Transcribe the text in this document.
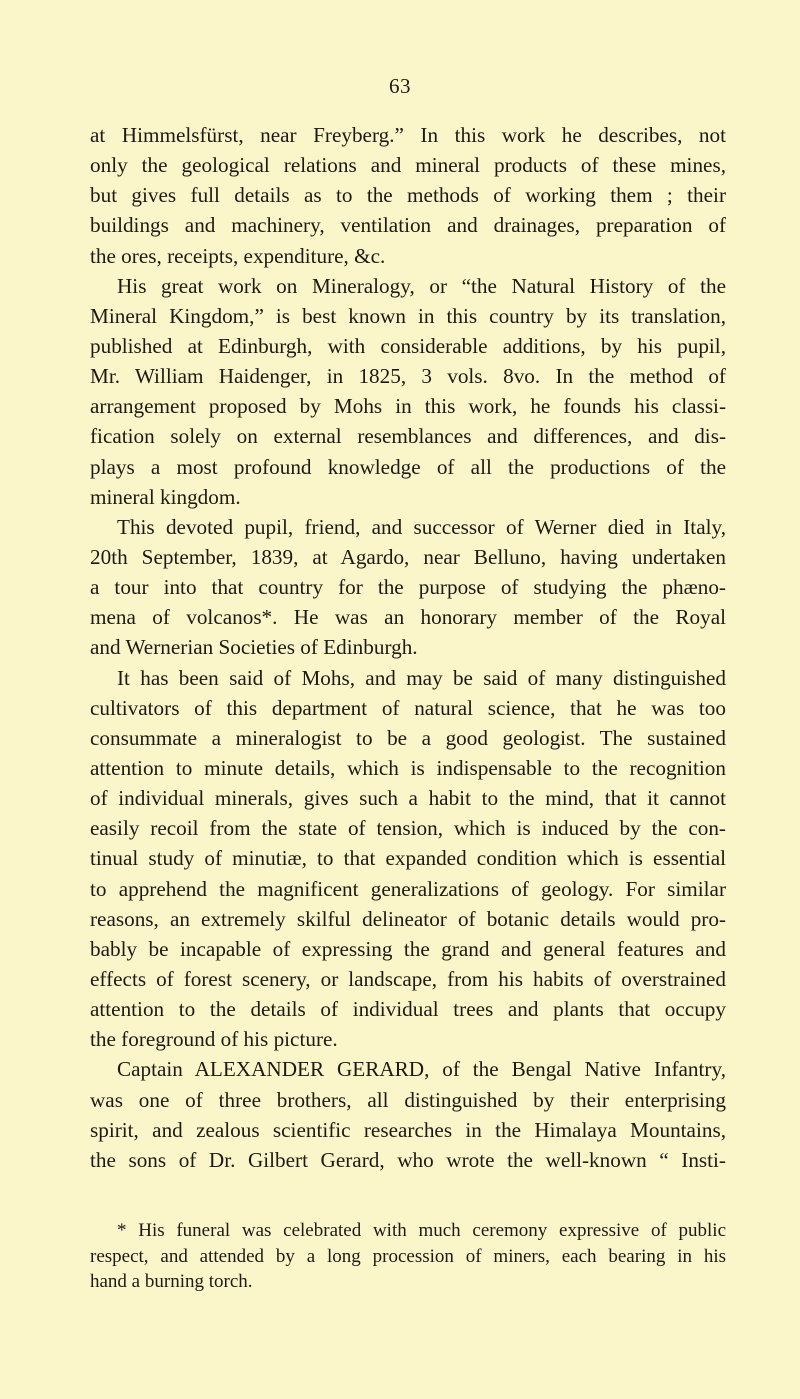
63
at Himmelsfürst, near Freyberg.” In this work he describes, not
only the geological relations and mineral products of these mines,
but gives full details as to the methods of working them ; their
buildings and machinery, ventilation and drainages, preparation of
the ores, receipts, expenditure, &c.
His great work on Mineralogy, or “the Natural History of the
Mineral Kingdom,” is best known in this country by its translation,
published at Edinburgh, with considerable additions, by his pupil,
Mr. William Haidenger, in 1825, 3 vols. 8vo. In the method of
arrangement proposed by Mohs in this work, he founds his classi-
fication solely on external resemblances and differences, and dis-
plays a most profound knowledge of all the productions of the
mineral kingdom.
This devoted pupil, friend, and successor of Werner died in Italy,
20th September, 1839, at Agardo, near Belluno, having undertaken
a tour into that country for the purpose of studying the phæno-
mena of volcanos*. He was an honorary member of the Royal
and Wernerian Societies of Edinburgh.
It has been said of Mohs, and may be said of many distinguished
cultivators of this department of natural science, that he was too
consummate a mineralogist to be a good geologist. The sustained
attention to minute details, which is indispensable to the recognition
of individual minerals, gives such a habit to the mind, that it cannot
easily recoil from the state of tension, which is induced by the con-
tinual study of minutiæ, to that expanded condition which is essential
to apprehend the magnificent generalizations of geology. For similar
reasons, an extremely skilful delineator of botanic details would pro-
bably be incapable of expressing the grand and general features and
effects of forest scenery, or landscape, from his habits of overstrained
attention to the details of individual trees and plants that occupy
the foreground of his picture.
Captain ALEXANDER GERARD, of the Bengal Native Infantry,
was one of three brothers, all distinguished by their enterprising
spirit, and zealous scientific researches in the Himalaya Mountains,
the sons of Dr. Gilbert Gerard, who wrote the well-known “ Insti-
* His funeral was celebrated with much ceremony expressive of public
respect, and attended by a long procession of miners, each bearing in his
hand a burning torch.
